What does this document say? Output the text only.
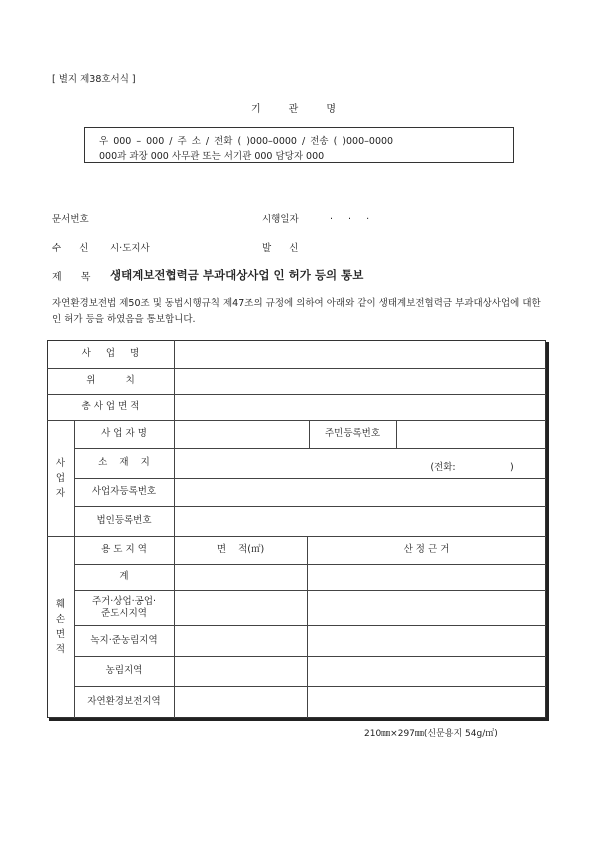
[ 별지 제38호서식 ]
기관명
우 000 – 000 / 주 소 / 전화 ( )000–0000 / 전송 ( )000–0000
000과 과장 000 사무관 또는 서기관 000 담당자 000
문서번호	시행일자	. . .
수      신 시·도지사	발      신
제      목 생태계보전협력금 부과대상사업 인 허가 등의 통보
자연환경보전법 제50조 및 동법시행규칙 제47조의 규정에 의하여 아래와 같이 생태계보전협력금 부과대상사업에 대한 인 허가 등을 하였음을 통보합니다.
사     업     명
위          치
총 사 업 면 적
사
업
자
사 업 자 명	주민등록번호
소    재    지	(전화:                  )
사업자등록번호
법인등록번호
훼
손
면
적
용 도 지 역	면    적(㎡)	산 정 근 거
계
주거·상업·공업·
준도시지역
녹지·준농림지역
농림지역
자연환경보전지역
210㎜×297㎜(신문용지 54g/㎡)
